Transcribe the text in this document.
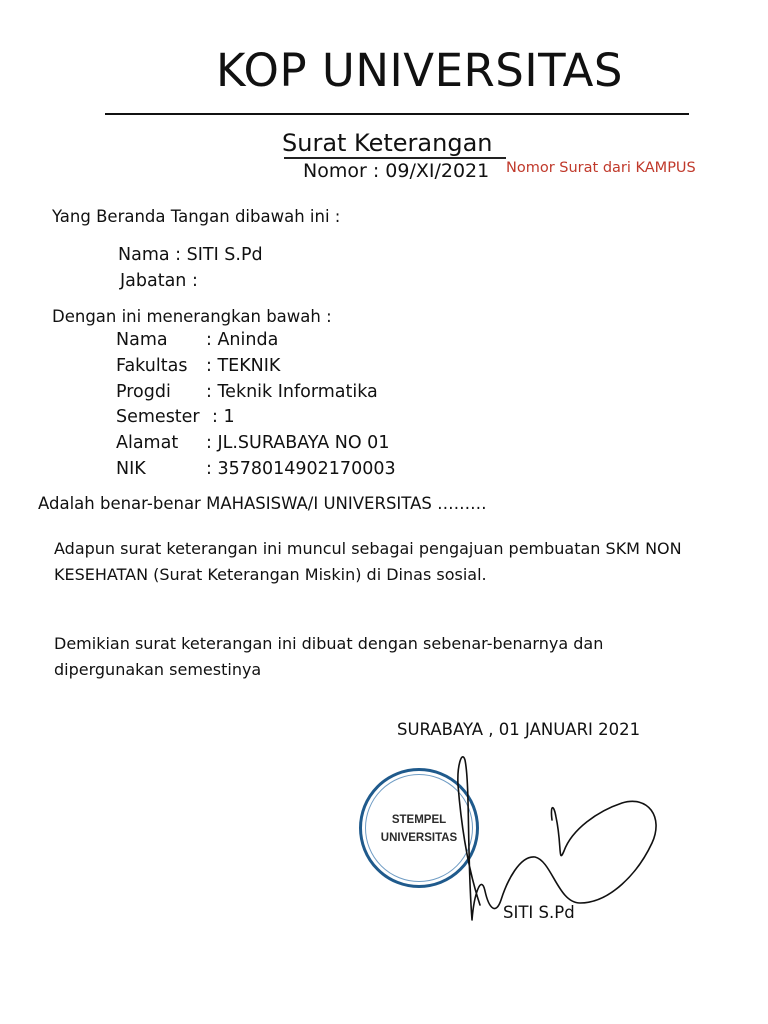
KOP UNIVERSITAS
Surat Keterangan
Nomor : 09/XI/2021 Nomor Surat dari KAMPUS
Yang Beranda Tangan dibawah ini :
Nama : SITI S.Pd
Jabatan :
Dengan ini menerangkan bawah :
Nama : Aninda
Fakultas : TEKNIK
Progdi : Teknik Informatika
Semester : 1
Alamat : JL.SURABAYA NO 01
NIK	: 3578014902170003
Adalah benar-benar MAHASISWA/I UNIVERSITAS ………
Adapun surat keterangan ini muncul sebagai pengajuan pembuatan SKM NON KESEHATAN (Surat Keterangan Miskin) di Dinas sosial.
Demikian surat keterangan ini dibuat dengan sebenar-benarnya dan dipergunakan semestinya
SURABAYA , 01 JANUARI 2021
STEMPEL UNIVERSITAS
SITI S.Pd
